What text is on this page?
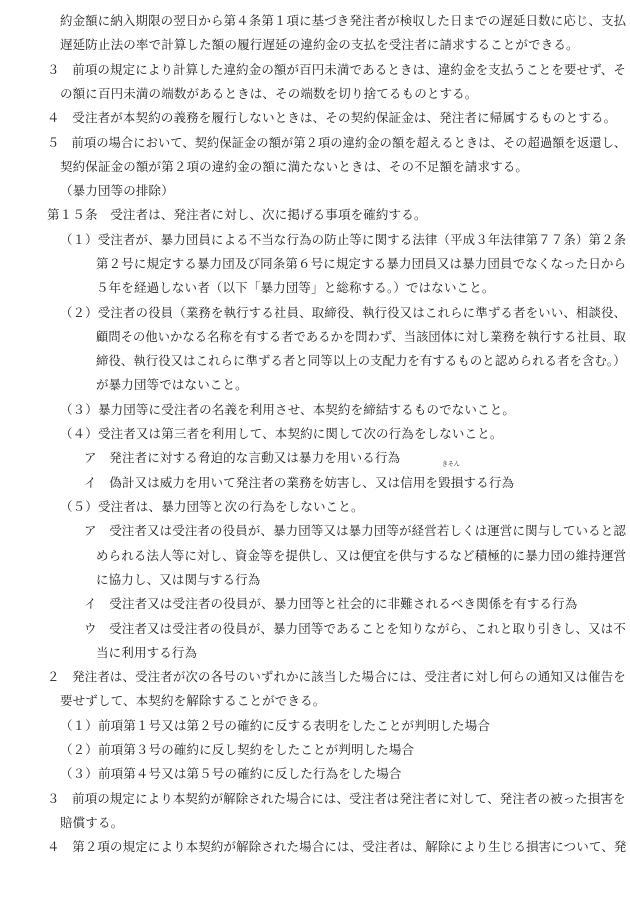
約金額に納入期限の翌日から第４条第１項に基づき発注者が検収した日までの遅延日数に応じ、支払
遅延防止法の率で計算した額の履行遅延の違約金の支払を受注者に請求することができる。
３　前項の規定により計算した違約金の額が百円未満であるときは、違約金を支払うことを要せず、そ
の額に百円未満の端数があるときは、その端数を切り捨てるものとする。
４　受注者が本契約の義務を履行しないときは、その契約保証金は、発注者に帰属するものとする。
５　前項の場合において、契約保証金の額が第２項の違約金の額を超えるときは、その超過額を返還し、
契約保証金の額が第２項の違約金の額に満たないときは、その不足額を請求する。
（暴力団等の排除）
第１５条　受注者は、発注者に対し、次に掲げる事項を確約する。
（１）受注者が、暴力団員による不当な行為の防止等に関する法律（平成３年法律第７７条）第２条
第２号に規定する暴力団及び同条第６号に規定する暴力団員又は暴力団員でなくなった日から
５年を経過しない者（以下「暴力団等」と総称する。）ではないこと。
（２）受注者の役員（業務を執行する社員、取締役、執行役又はこれらに準ずる者をいい、相談役、
顧問その他いかなる名称を有する者であるかを問わず、当該団体に対し業務を執行する社員、取
締役、執行役又はこれらに準ずる者と同等以上の支配力を有するものと認められる者を含む。）
が暴力団等ではないこと。
（３）暴力団等に受注者の名義を利用させ、本契約を締結するものでないこと。
（４）受注者又は第三者を利用して、本契約に関して次の行為をしないこと。
ア　発注者に対する脅迫的な言動又は暴力を用いる行為
イ　偽計又は威力を用いて発注者の業務を妨害し、又は信用を
きそん
毀損する行為
（５）受注者は、暴力団等と次の行為をしないこと。
ア　受注者又は受注者の役員が、暴力団等又は暴力団等が経営若しくは運営に関与していると認
められる法人等に対し、資金等を提供し、又は便宜を供与するなど積極的に暴力団の維持運営
に協力し、又は関与する行為
イ　受注者又は受注者の役員が、暴力団等と社会的に非難されるべき関係を有する行為
ウ　受注者又は受注者の役員が、暴力団等であることを知りながら、これと取り引きし、又は不
当に利用する行為
２　発注者は、受注者が次の各号のいずれかに該当した場合には、受注者に対し何らの通知又は催告を
要せずして、本契約を解除することができる。
（１）前項第１号又は第２号の確約に反する表明をしたことが判明した場合
（２）前項第３号の確約に反し契約をしたことが判明した場合
（３）前項第４号又は第５号の確約に反した行為をした場合
３　前項の規定により本契約が解除された場合には、受注者は発注者に対して、発注者の被った損害を
賠償する。
４　第２項の規定により本契約が解除された場合には、受注者は、解除により生じる損害について、発
